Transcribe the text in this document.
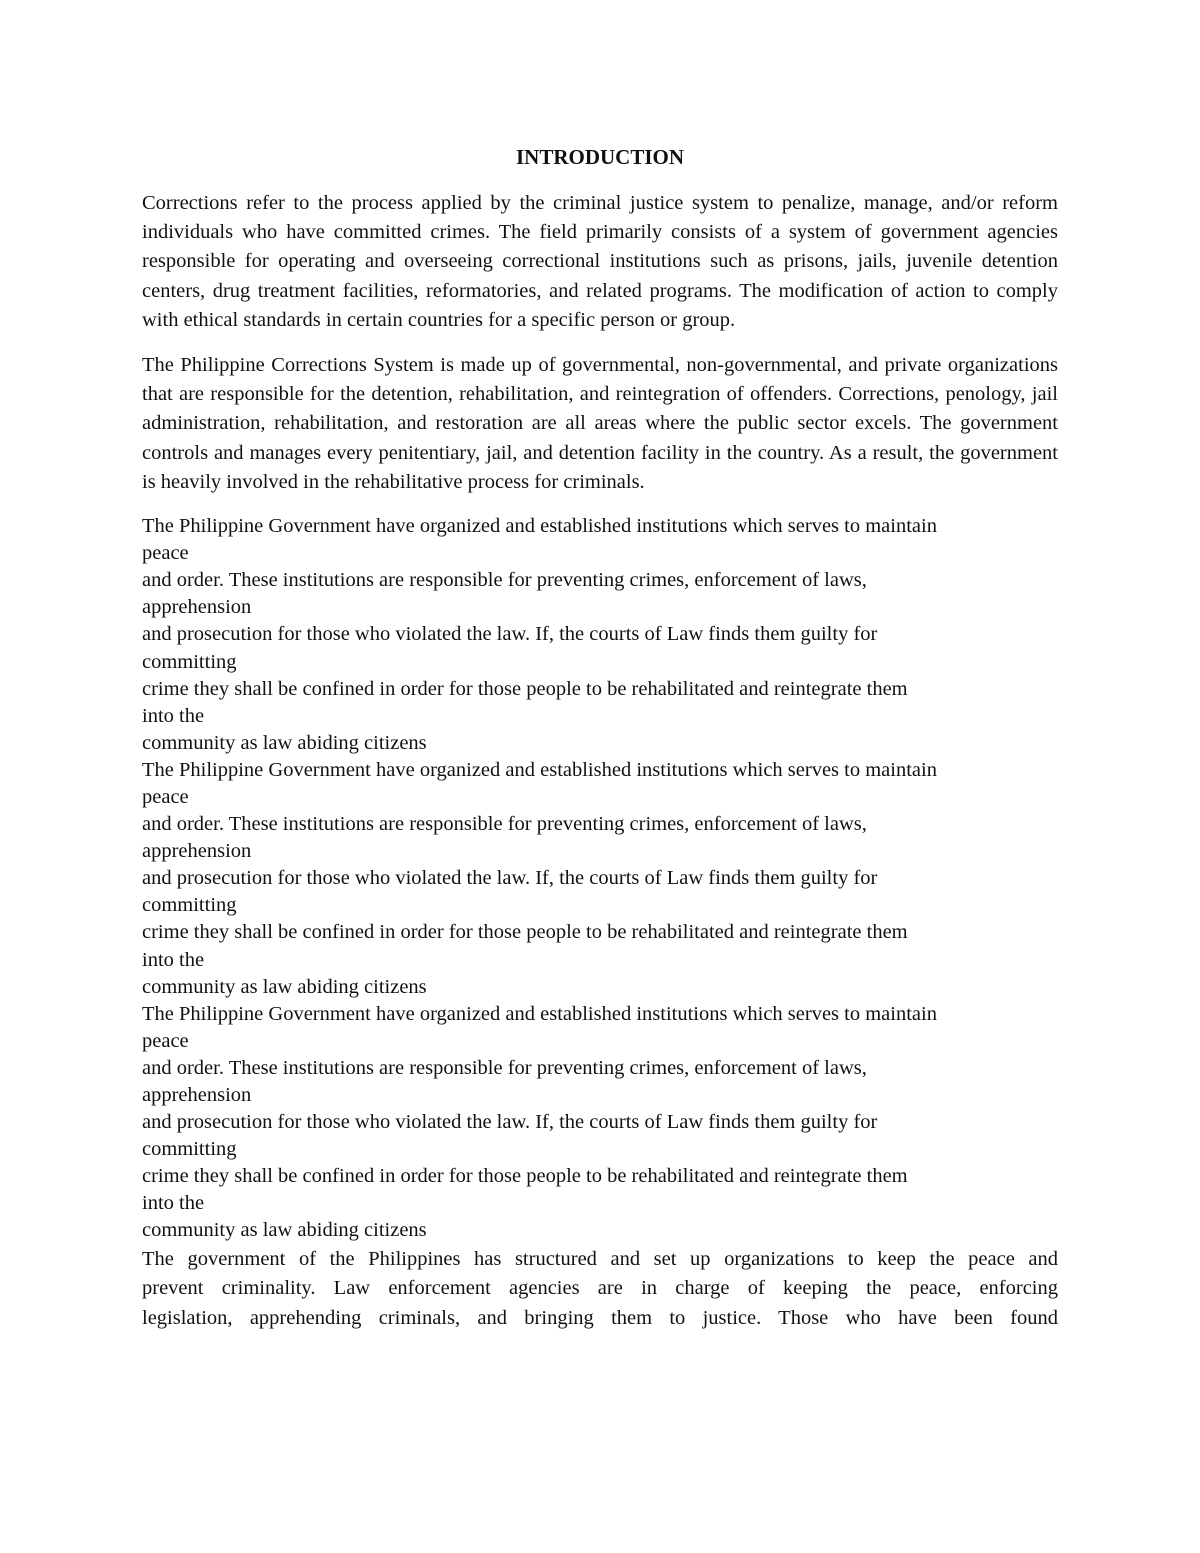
INTRODUCTION

Corrections refer to the process applied by the criminal justice system to penalize, manage, and/or reform individuals who have committed crimes. The field primarily consists of a system of government agencies responsible for operating and overseeing correctional institutions such as prisons, jails, juvenile detention centers, drug treatment facilities, reformatories, and related programs. The modification of action to comply with ethical standards in certain countries for a specific person or group.

The Philippine Corrections System is made up of governmental, non-governmental, and private organizations that are responsible for the detention, rehabilitation, and reintegration of offenders. Corrections, penology, jail administration, rehabilitation, and restoration are all areas where the public sector excels. The government controls and manages every penitentiary, jail, and detention facility in the country. As a result, the government is heavily involved in the rehabilitative process for criminals.

The Philippine Government have organized and established institutions which serves to maintain
peace
and order. These institutions are responsible for preventing crimes, enforcement of laws,
apprehension
and prosecution for those who violated the law. If, the courts of Law finds them guilty for
committing
crime they shall be confined in order for those people to be rehabilitated and reintegrate them
into the
community as law abiding citizens
The Philippine Government have organized and established institutions which serves to maintain
peace
and order. These institutions are responsible for preventing crimes, enforcement of laws,
apprehension
and prosecution for those who violated the law. If, the courts of Law finds them guilty for
committing
crime they shall be confined in order for those people to be rehabilitated and reintegrate them
into the
community as law abiding citizens
The Philippine Government have organized and established institutions which serves to maintain
peace
and order. These institutions are responsible for preventing crimes, enforcement of laws,
apprehension
and prosecution for those who violated the law. If, the courts of Law finds them guilty for
committing
crime they shall be confined in order for those people to be rehabilitated and reintegrate them
into the
community as law abiding citizens
The government of the Philippines has structured and set up organizations to keep the peace and
prevent criminality. Law enforcement agencies are in charge of keeping the peace, enforcing
legislation, apprehending criminals, and bringing them to justice. Those who have been found
